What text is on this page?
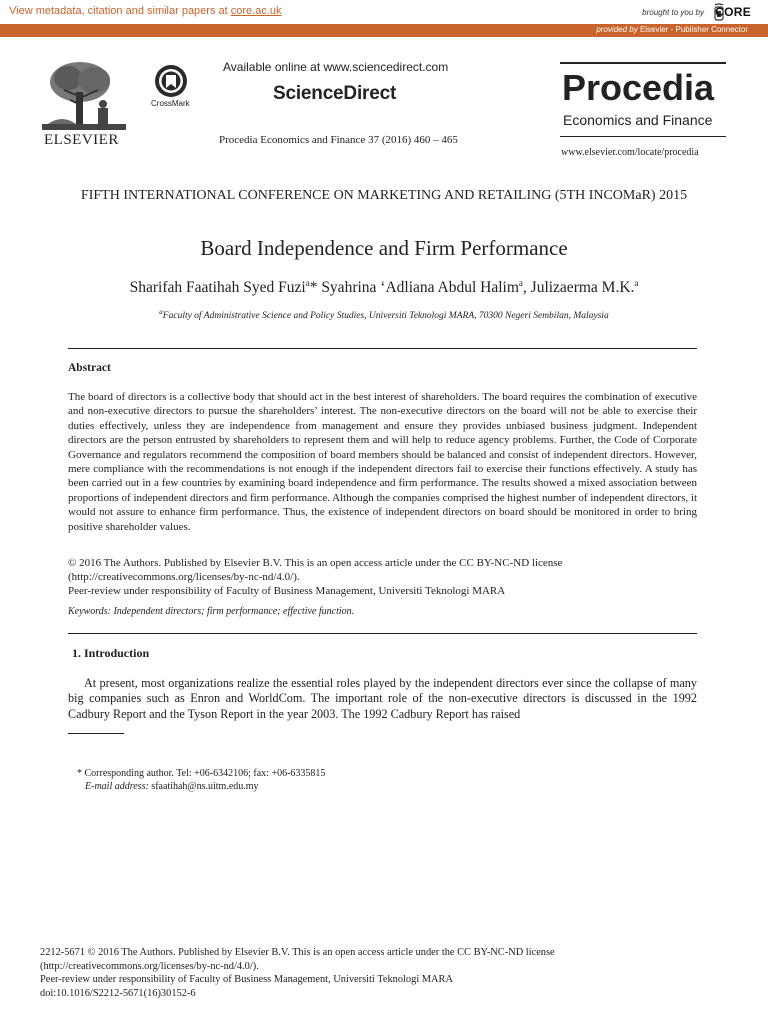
View metadata, citation and similar papers at core.ac.uk	brought to you by CORE
provided by Elsevier - Publisher Connector
ELSEVIER
CrossMark
Available online at www.sciencedirect.com
ScienceDirect
Procedia Economics and Finance 37 (2016) 460 – 465
Procedia
Economics and Finance
www.elsevier.com/locate/procedia
FIFTH INTERNATIONAL CONFERENCE ON MARKETING AND RETAILING (5TH INCOMaR) 2015
Board Independence and Firm Performance
Sharifah Faatihah Syed Fuzi$^a$* Syahrina ‘Adliana Abdul Halim$^a$, Julizaerma M.K.$^a$
$^a$Faculty of Administrative Science and Policy Studies, Universiti Teknologi MARA, 70300 Negeri Sembilan, Malaysia
Abstract
The board of directors is a collective body that should act in the best interest of shareholders. The board requires the combination of executive and non-executive directors to pursue the shareholders’ interest. The non-executive directors on the board will not be able to exercise their duties effectively, unless they are independence from management and ensure they provides unbiased business judgment. Independent directors are the person entrusted by shareholders to represent them and will help to reduce agency problems. Further, the Code of Corporate Governance and regulators recommend the composition of board members should be balanced and consist of independent directors. However, mere compliance with the recommendations is not enough if the independent directors fail to exercise their functions effectively. A study has been carried out in a few countries by examining board independence and firm performance. The results showed a mixed association between proportions of independent directors and firm performance. Although the companies comprised the highest number of independent directors, it would not assure to enhance firm performance. Thus, the existence of independent directors on board should be monitored in order to bring positive shareholder values.
© 2016 The Authors. Published by Elsevier B.V. This is an open access article under the CC BY-NC-ND license
(http://creativecommons.org/licenses/by-nc-nd/4.0/).
Peer-review under responsibility of Faculty of Business Management, Universiti Teknologi MARA
Keywords: Independent directors; firm performance; effective function.
1. Introduction
At present, most organizations realize the essential roles played by the independent directors ever since the collapse of many big companies such as Enron and WorldCom. The important role of the non-executive directors is discussed in the 1992 Cadbury Report and the Tyson Report in the year 2003. The 1992 Cadbury Report has raised
* Corresponding author. Tel: +06-6342106; fax: +06-6335815
E-mail address: sfaatihah@ns.uitm.edu.my
2212-5671 © 2016 The Authors. Published by Elsevier B.V. This is an open access article under the CC BY-NC-ND license
(http://creativecommons.org/licenses/by-nc-nd/4.0/).
Peer-review under responsibility of Faculty of Business Management, Universiti Teknologi MARA
doi:10.1016/S2212-5671(16)30152-6
